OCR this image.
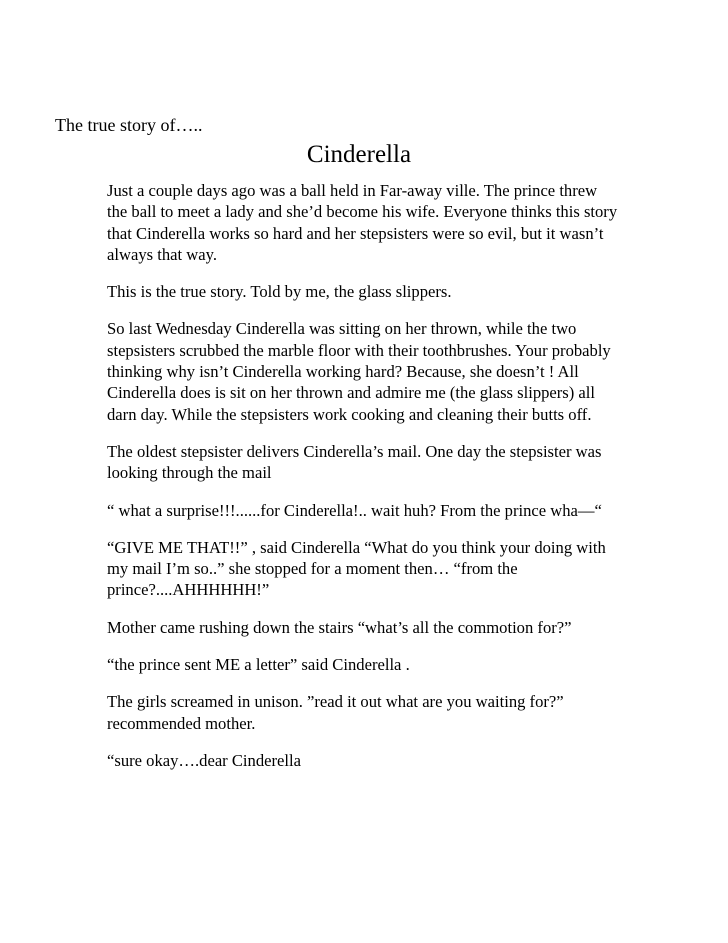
The true story of…..

Cinderella

Just a couple days ago was a ball held in Far-away ville. The prince threw
the ball to meet a lady and she’d become his wife. Everyone thinks this story
that Cinderella works so hard and her stepsisters were so evil, but it wasn’t
always that way.

This is the true story. Told by me, the glass slippers.

So last Wednesday Cinderella was sitting on her thrown, while the two
stepsisters scrubbed the marble floor with their toothbrushes. Your probably
thinking why isn’t Cinderella working hard? Because, she doesn’t ! All
Cinderella does is sit on her thrown and admire me (the glass slippers) all
darn day. While the stepsisters work cooking and cleaning their butts off.

The oldest stepsister delivers Cinderella’s mail. One day the stepsister was
looking through the mail

“ what a surprise!!!......for Cinderella!.. wait huh? From the prince wha—“

“GIVE ME THAT!!” , said Cinderella “What do you think your doing with
my mail I’m so..” she stopped for a moment then… “from the
prince?....AHHHHHH!”

Mother came rushing down the stairs “what’s all the commotion for?”

“the prince sent ME a letter” said Cinderella .

The girls screamed in unison. ”read it out what are you waiting for?”
recommended mother.

“sure okay….dear Cinderella
